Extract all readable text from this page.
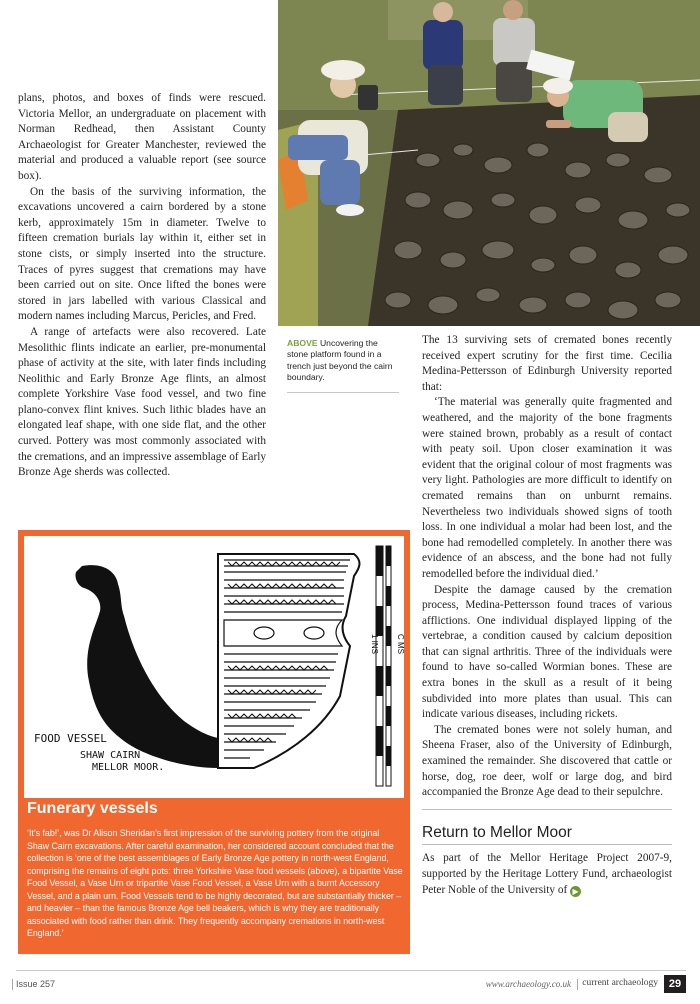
plans, photos, and boxes of finds were rescued. Victoria Mellor, an undergraduate on placement with Norman Redhead, then Assistant County Archaeologist for Greater Manchester, reviewed the material and produced a valuable report (see source box).

On the basis of the surviving information, the excavations uncovered a cairn bordered by a stone kerb, approximately 15m in diameter. Twelve to fifteen cremation burials lay within it, either set in stone cists, or simply inserted into the structure. Traces of pyres suggest that cremations may have been carried out on site. Once lifted the bones were stored in jars labelled with various Classical and modern names including Marcus, Pericles, and Fred.

A range of artefacts were also recovered. Late Mesolithic flints indicate an earlier, pre-monumental phase of activity at the site, with later finds including Neolithic and Early Bronze Age flints, an almost complete Yorkshire Vase food vessel, and two fine plano-convex flint knives. Such lithic blades have an elongated leaf shape, with one side flat, and the other curved. Pottery was most commonly associated with the cremations, and an impressive assemblage of Early Bronze Age sherds was collected.

ABOVE Uncovering the stone platform found in a trench just beyond the cairn boundary.

The 13 surviving sets of cremated bones recently received expert scrutiny for the first time. Cecilia Medina-Pettersson of Edinburgh University reported that:

‘The material was generally quite fragmented and weathered, and the majority of the bone fragments were stained brown, probably as a result of contact with peaty soil. Upon closer examination it was evident that the original colour of most fragments was very light. Pathologies are more difficult to identify on cremated remains than on unburnt remains. Nevertheless two individuals showed signs of tooth loss. In one individual a molar had been lost, and the bone had remodelled completely. In another there was evidence of an abscess, and the bone had not fully remodelled before the individual died.’

Despite the damage caused by the cremation process, Medina-Pettersson found traces of various afflictions. One individual displayed lipping of the vertebrae, a condition caused by calcium deposition that can signal arthritis. Three of the individuals were found to have so-called Wormian bones. These are extra bones in the skull as a result of it being subdivided into more plates than usual. This can indicate various diseases, including rickets.

The cremated bones were not solely human, and Sheena Fraser, also of the University of Edinburgh, examined the remainder. She discovered that cattle or horse, dog, roe deer, wolf or large dog, and bird accompanied the Bronze Age dead to their sepulchre.

Return to Mellor Moor

As part of the Mellor Heritage Project 2007-9, supported by the Heritage Lottery Fund, archaeologist Peter Noble of the University of ▶

1 INS C MS
FOOD VESSEL
SHAW CAIRN
MELLOR MOOR.
Funerary vessels
‘It’s fab!’, was Dr Alison Sheridan’s first impression of the surviving pottery from the original Shaw Cairn excavations. After careful examination, her considered account concluded that the collection is ‘one of the best assemblages of Early Bronze Age pottery in north-west England, comprising the remains of eight pots: three Yorkshire Vase food vessels (above), a bipartite Vase Food Vessel, a Vase Urn or tripartite Vase Food Vessel, a Vase Urn with a burnt Accessory Vessel, and a plain urn. Food Vessels tend to be highly decorated, but are substantially thicker – and heavier – than the famous Bronze Age bell beakers, which is why they are traditionally associated with food rather than drink. They frequently accompany cremations in north-west England.’
Issue 257	www.archaeology.co.uk current archaeology 29
